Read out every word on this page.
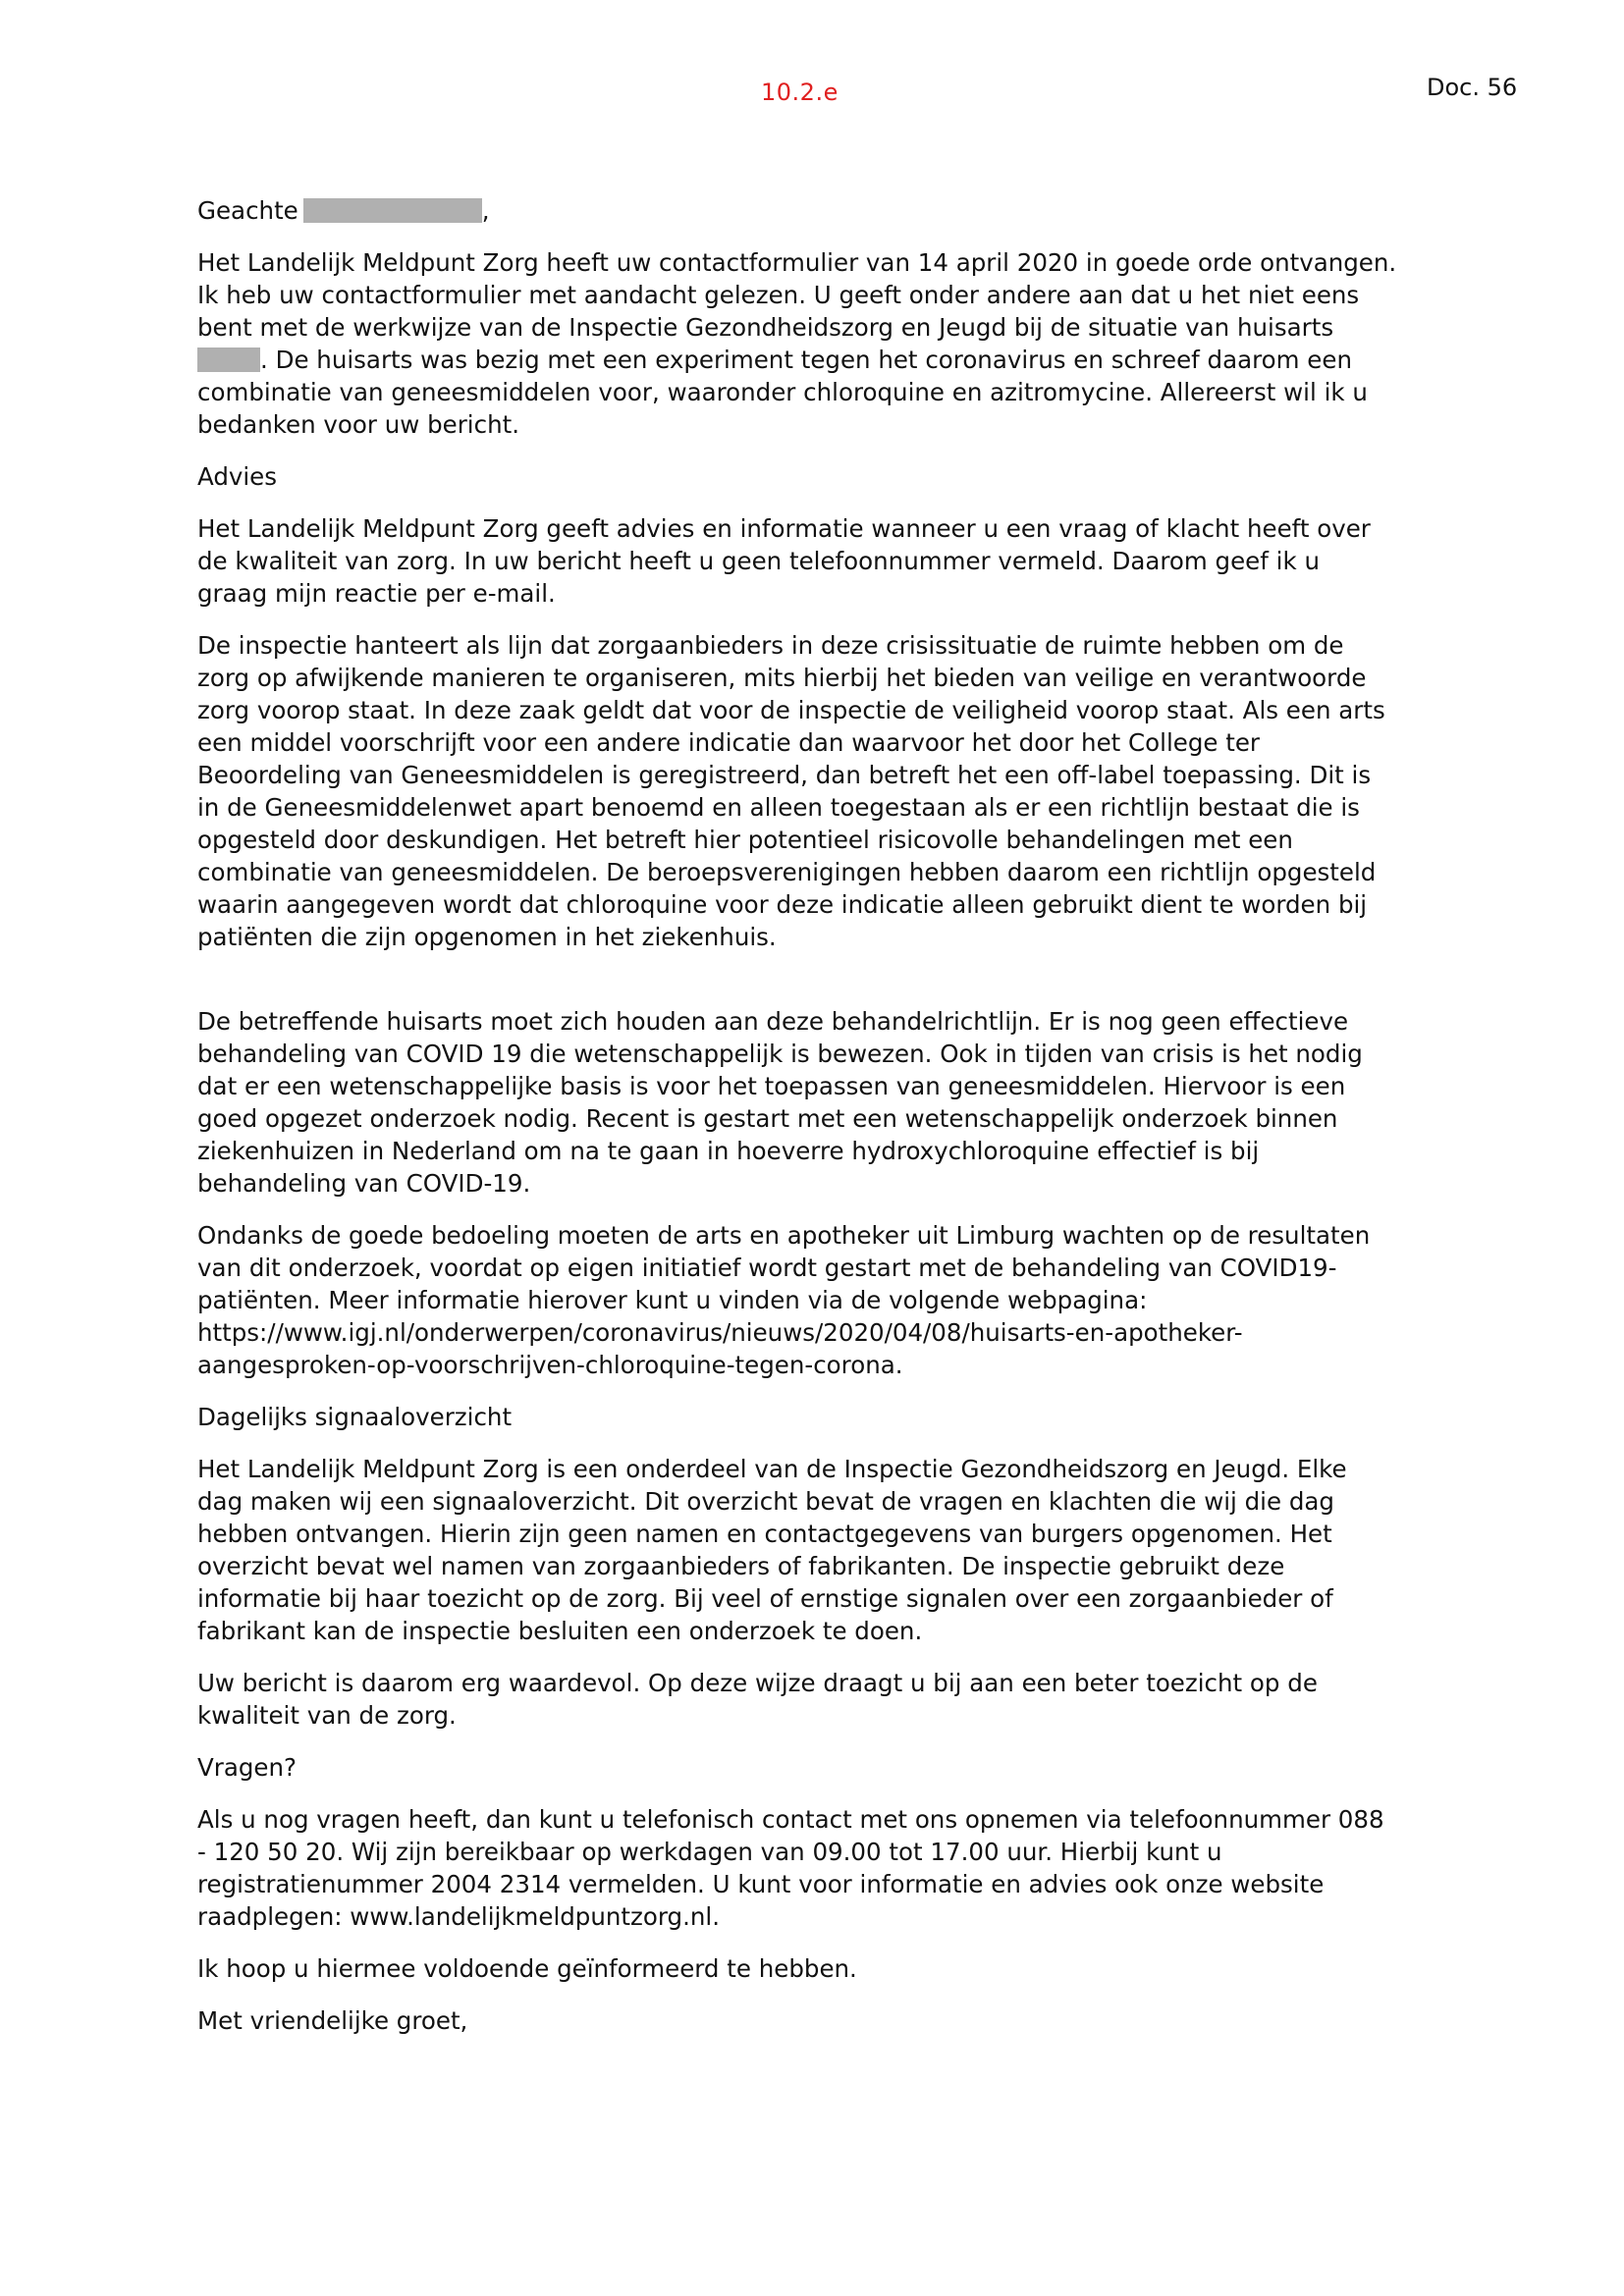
10.2.e	Doc. 56
Geachte	,
Het Landelijk Meldpunt Zorg heeft uw contactformulier van 14 april 2020 in goede orde ontvangen.
Ik heb uw contactformulier met aandacht gelezen. U geeft onder andere aan dat u het niet eens
bent met de werkwijze van de Inspectie Gezondheidszorg en Jeugd bij de situatie van huisarts
. De huisarts was bezig met een experiment tegen het coronavirus en schreef daarom een
combinatie van geneesmiddelen voor, waaronder chloroquine en azitromycine. Allereerst wil ik u
bedanken voor uw bericht.
Advies
Het Landelijk Meldpunt Zorg geeft advies en informatie wanneer u een vraag of klacht heeft over
de kwaliteit van zorg. In uw bericht heeft u geen telefoonnummer vermeld. Daarom geef ik u
graag mijn reactie per e-mail.
De inspectie hanteert als lijn dat zorgaanbieders in deze crisissituatie de ruimte hebben om de
zorg op afwijkende manieren te organiseren, mits hierbij het bieden van veilige en verantwoorde
zorg voorop staat. In deze zaak geldt dat voor de inspectie de veiligheid voorop staat. Als een arts
een middel voorschrijft voor een andere indicatie dan waarvoor het door het College ter
Beoordeling van Geneesmiddelen is geregistreerd, dan betreft het een off-label toepassing. Dit is
in de Geneesmiddelenwet apart benoemd en alleen toegestaan als er een richtlijn bestaat die is
opgesteld door deskundigen. Het betreft hier potentieel risicovolle behandelingen met een
combinatie van geneesmiddelen. De beroepsverenigingen hebben daarom een richtlijn opgesteld
waarin aangegeven wordt dat chloroquine voor deze indicatie alleen gebruikt dient te worden bij
patiënten die zijn opgenomen in het ziekenhuis.
De betreffende huisarts moet zich houden aan deze behandelrichtlijn. Er is nog geen effectieve
behandeling van COVID 19 die wetenschappelijk is bewezen. Ook in tijden van crisis is het nodig
dat er een wetenschappelijke basis is voor het toepassen van geneesmiddelen. Hiervoor is een
goed opgezet onderzoek nodig. Recent is gestart met een wetenschappelijk onderzoek binnen
ziekenhuizen in Nederland om na te gaan in hoeverre hydroxychloroquine effectief is bij
behandeling van COVID-19.
Ondanks de goede bedoeling moeten de arts en apotheker uit Limburg wachten op de resultaten
van dit onderzoek, voordat op eigen initiatief wordt gestart met de behandeling van COVID19-
patiënten. Meer informatie hierover kunt u vinden via de volgende webpagina:
https://www.igj.nl/onderwerpen/coronavirus/nieuws/2020/04/08/huisarts-en-apotheker-
aangesproken-op-voorschrijven-chloroquine-tegen-corona.
Dagelijks signaaloverzicht
Het Landelijk Meldpunt Zorg is een onderdeel van de Inspectie Gezondheidszorg en Jeugd. Elke
dag maken wij een signaaloverzicht. Dit overzicht bevat de vragen en klachten die wij die dag
hebben ontvangen. Hierin zijn geen namen en contactgegevens van burgers opgenomen. Het
overzicht bevat wel namen van zorgaanbieders of fabrikanten. De inspectie gebruikt deze
informatie bij haar toezicht op de zorg. Bij veel of ernstige signalen over een zorgaanbieder of
fabrikant kan de inspectie besluiten een onderzoek te doen.
Uw bericht is daarom erg waardevol. Op deze wijze draagt u bij aan een beter toezicht op de
kwaliteit van de zorg.
Vragen?
Als u nog vragen heeft, dan kunt u telefonisch contact met ons opnemen via telefoonnummer 088
- 120 50 20. Wij zijn bereikbaar op werkdagen van 09.00 tot 17.00 uur. Hierbij kunt u
registratienummer 2004 2314 vermelden. U kunt voor informatie en advies ook onze website
raadplegen: www.landelijkmeldpuntzorg.nl.
Ik hoop u hiermee voldoende geïnformeerd te hebben.
Met vriendelijke groet,
